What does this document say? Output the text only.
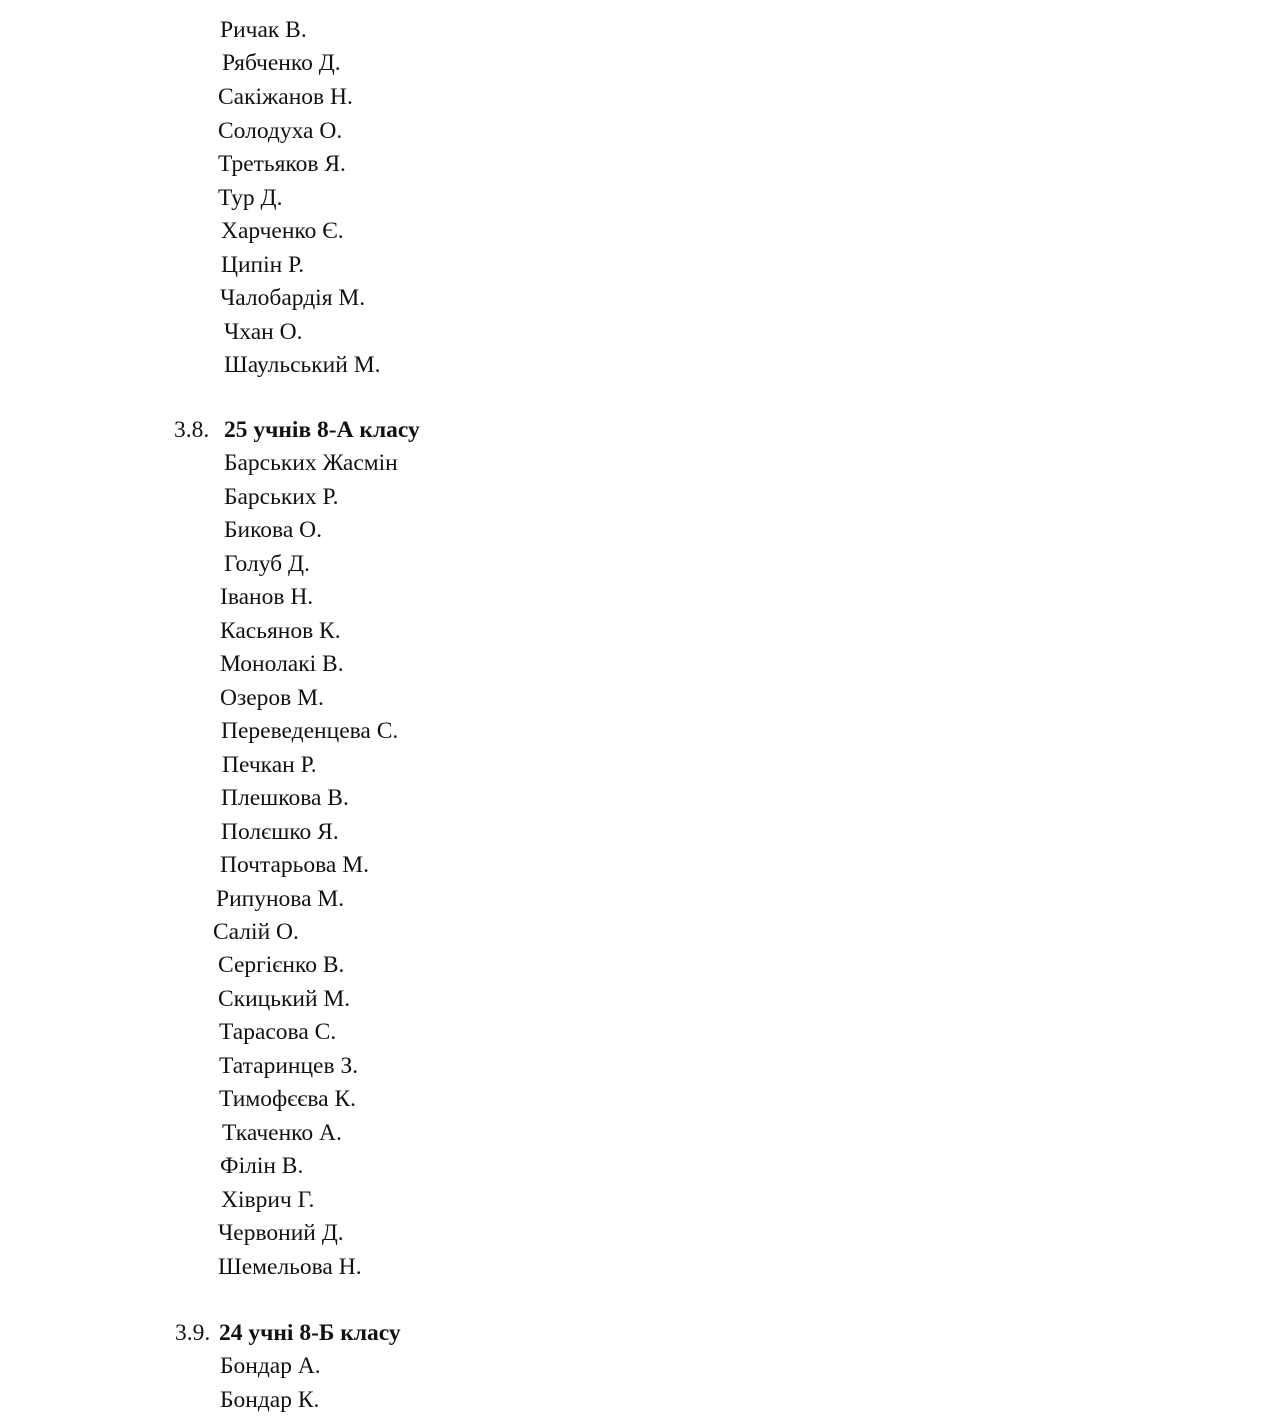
Ричак В.
Рябченко Д.
Сакіжанов Н.
Солодуха О.
Третьяков Я.
Тур Д.
Харченко Є.
Ципін Р.
Чалобардія М.
Чхан О.
Шаульський М.
3.8. 25 учнів 8-А класу
Барських Жасмін
Барських Р.
Бикова О.
Голуб Д.
Іванов Н.
Касьянов К.
Монолакі В.
Озеров М.
Переведенцева С.
Печкан Р.
Плешкова В.
Полєшко Я.
Почтарьова М.
Рипунова М.
Салій О.
Сергієнко В.
Скицький М.
Тарасова С.
Татаринцев З.
Тимофєєва К.
Ткаченко А.
Філін В.
Хіврич Г.
Червоний Д.
Шемельова Н.
3.9. 24 учні 8-Б класу
Бондар А.
Бондар К.
